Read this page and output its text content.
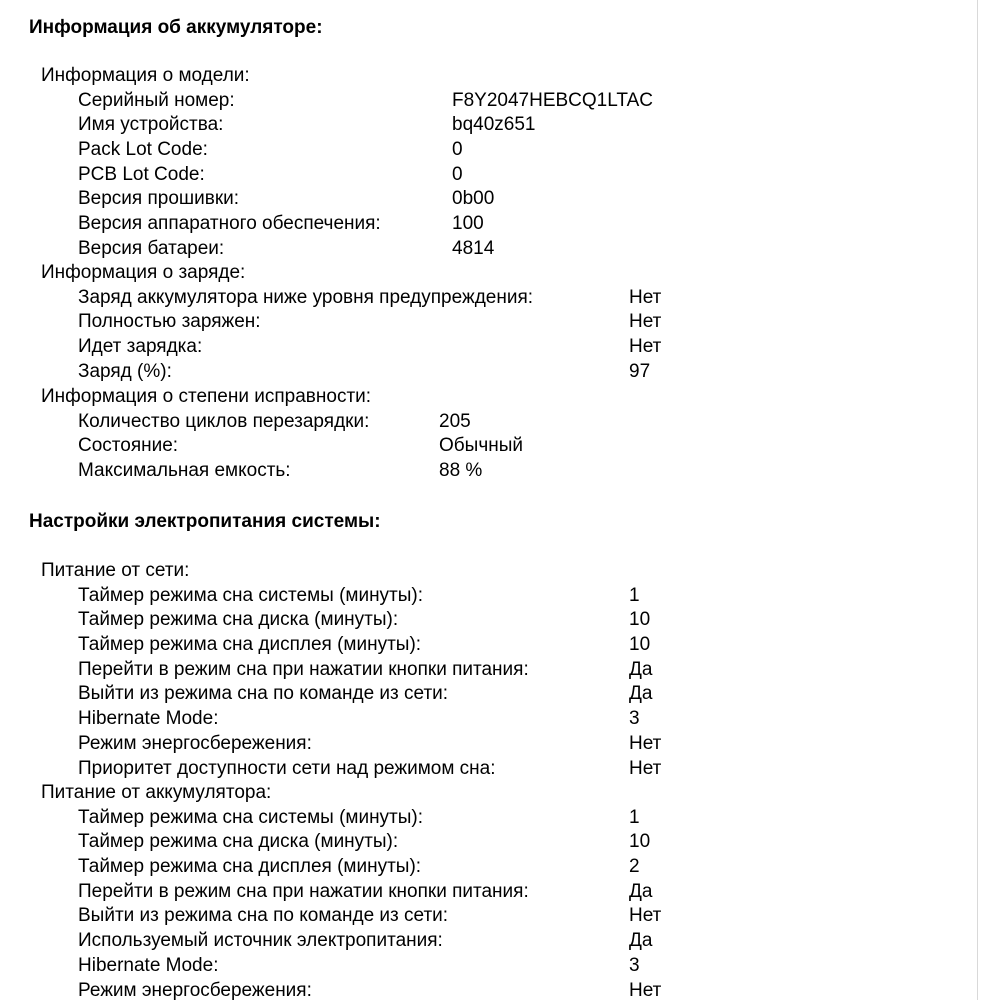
Информация об аккумуляторе:
Информация о модели:
Серийный номер:	F8Y2047HEBCQ1LTAC
Имя устройства:	bq40z651
Pack Lot Code:	0
PCB Lot Code:	0
Версия прошивки:	0b00
Версия аппаратного обеспечения:	100
Версия батареи:	4814
Информация о заряде:
Заряд аккумулятора ниже уровня предупреждения:	Нет
Полностью заряжен:	Нет
Идет зарядка:	Нет
Заряд (%):	97
Информация о степени исправности:
Количество циклов перезарядки:	205
Состояние:	Обычный
Максимальная емкость:	88 %
Настройки электропитания системы:
Питание от сети:
Таймер режима сна системы (минуты):	1
Таймер режима сна диска (минуты):	10
Таймер режима сна дисплея (минуты):	10
Перейти в режим сна при нажатии кнопки питания:	Да
Выйти из режима сна по команде из сети:	Да
Hibernate Mode:	3
Режим энергосбережения:	Нет
Приоритет доступности сети над режимом сна:	Нет
Питание от аккумулятора:
Таймер режима сна системы (минуты):	1
Таймер режима сна диска (минуты):	10
Таймер режима сна дисплея (минуты):	2
Перейти в режим сна при нажатии кнопки питания:	Да
Выйти из режима сна по команде из сети:	Нет
Используемый источник электропитания:	Да
Hibernate Mode:	3
Режим энергосбережения:	Нет
